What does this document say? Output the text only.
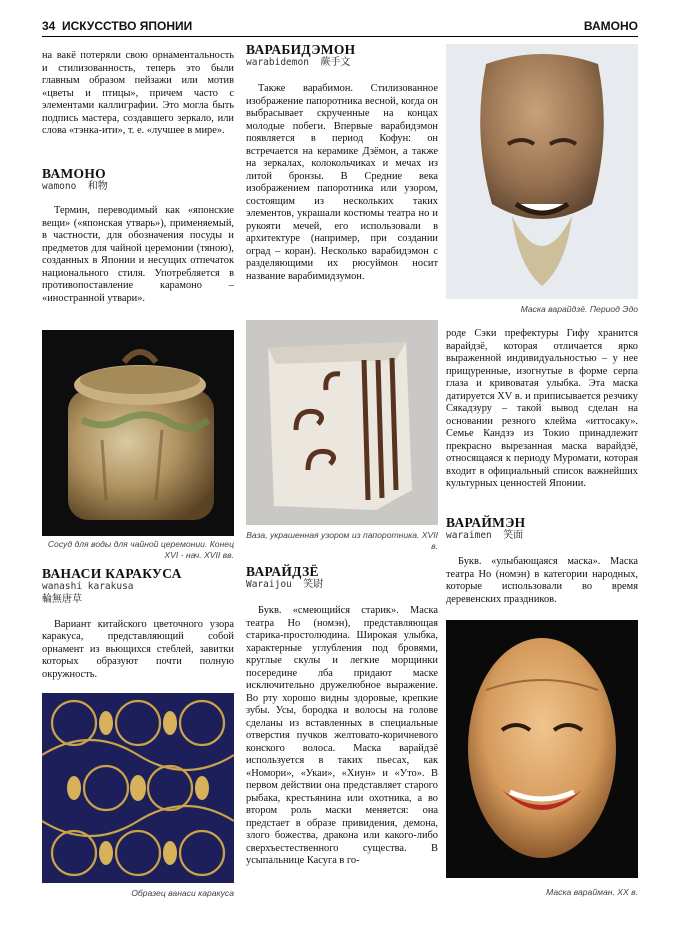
34 ИСКУССТВО ЯПОНИИ	ВАМОНО

на вакё потеряли свою орнаментальность и стилизованность, теперь это были главным образом пейзажи или мотив «цветы и птицы», причем часто с элементами каллиграфии. Это могла быть подпись мастера, создавшего зеркало, или слова «тэнка-ити», т. е. «лучшее в мире».

ВАМОНО

wamono 和物

Термин, переводимый как «японские вещи» («японская утварь»), применяемый, в частности, для обозначения посуды и предметов для чайной церемонии (тяною), созданных в Японии и несущих отпечаток национального стиля. Употребляется в противопоставление карамоно – «иностранной утвари».

Сосуд для воды для чайной церемонии. Конец XVI - нач. XVII вв.

ВАНАСИ КАРАКУСА

wanashi karakusa

輪無唐草

Вариант китайского цветочного узора каракуса, представляющий собой орнамент из вьющихся стеблей, завитки которых образуют почти полную окружность.

Образец ванаси каракуса

ВАРАБИДЭМОН

warabidemon 蕨手文

Также варабимон. Стилизованное изображение папоротника весной, когда он выбрасывает скрученные на концах молодые побеги. Впервые варабидэмон появляется в период Кофун: он встречается на керамике Дзёмон, а также на зеркалах, колокольчиках и мечах из литой бронзы. В Средние века изображением папоротника или узором, состоящим из нескольких таких элементов, украшали костюмы театра но и рукояти мечей, его использовали в архитектуре (например, при создании оград – коран). Несколько варабидэмон с разделяющими их рюсуймон носит название варабимидзумон.

Ваза, украшенная узором из папоротника. XVII в.

ВАРАЙДЗЁ

Waraijou 笑尉

Букв. «смеющийся старик». Маска театра Но (номэн), представляющая старика-простолюдина. Широкая улыбка, характерные углубления под бровями, круглые скулы и легкие морщинки посередине лба придают маске исключительно дружелюбное выражение. Во рту хорошо видны здоровые, крепкие зубы. Усы, бородка и волосы на голове сделаны из вставленных в специальные отверстия пучков желтовато-коричневого конского волоса. Маска варайдзё используется в таких пьесах, как «Номори», «Укаи», «Хиун» и «Уто». В первом действии она представляет старого рыбака, крестьянина или охотника, а во втором роль маски меняется: она предстает в образе привидения, демона, злого божества, дракона или какого-либо сверхъестественного существа. В усыпальнице Касуга в го-

Маска варайдзё. Период Эдо

роде Сэки префектуры Гифу хранится варайдзё, которая отличается ярко выраженной индивидуальностью – у нее прищуренные, изогнутые в форме серпа глаза и кривоватая улыбка. Эта маска датируется XV в. и приписывается резчику Сякадзуру – такой вывод сделан на основании резного клейма «иттосаку». Семье Кандзэ из Токио принадлежит прекрасно вырезанная маска варайдзё, относящаяся к периоду Муромати, которая входит в официальный список важнейших культурных ценностей Японии.

ВАРАЙМЭН

waraimen 笑面

Букв. «улыбающаяся маска». Маска театра Но (номэн) в категории народных, которые использовали во время деревенских праздников.

Маска варайман. XX в.
